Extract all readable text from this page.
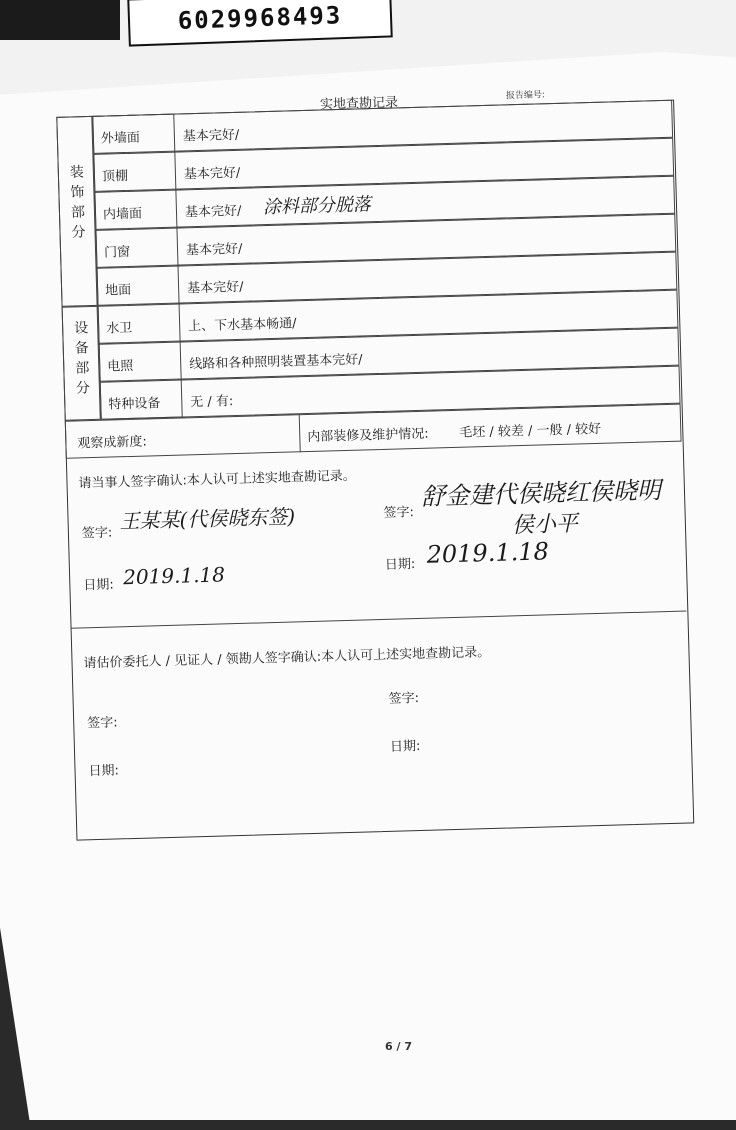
6029968493
实地查勘记录	报告编号:
装饰部分
外墙面	基本完好/
顶棚	基本完好/
内墙面	基本完好/ 涂料部分脱落
门窗	基本完好/
地面	基本完好/
设备部分 水卫	上、下水基本畅通/
电照	线路和各种照明装置基本完好/
特种设备 无 / 有:
观察成新度:	内部装修及维护情况: 毛坯 / 较差 / 一般 / 较好
请当事人签字确认:本人认可上述实地查勘记录。
签字:
王某某(代侯晓东签)
日期: 2019.1.18
签字:
舒金建代侯晓红侯晓明
侯小平
日期: 2019.1.18
请估价委托人 / 见证人 / 领勘人签字确认:本人认可上述实地查勘记录。
签字:
日期:
签字:
日期:
6 / 7
